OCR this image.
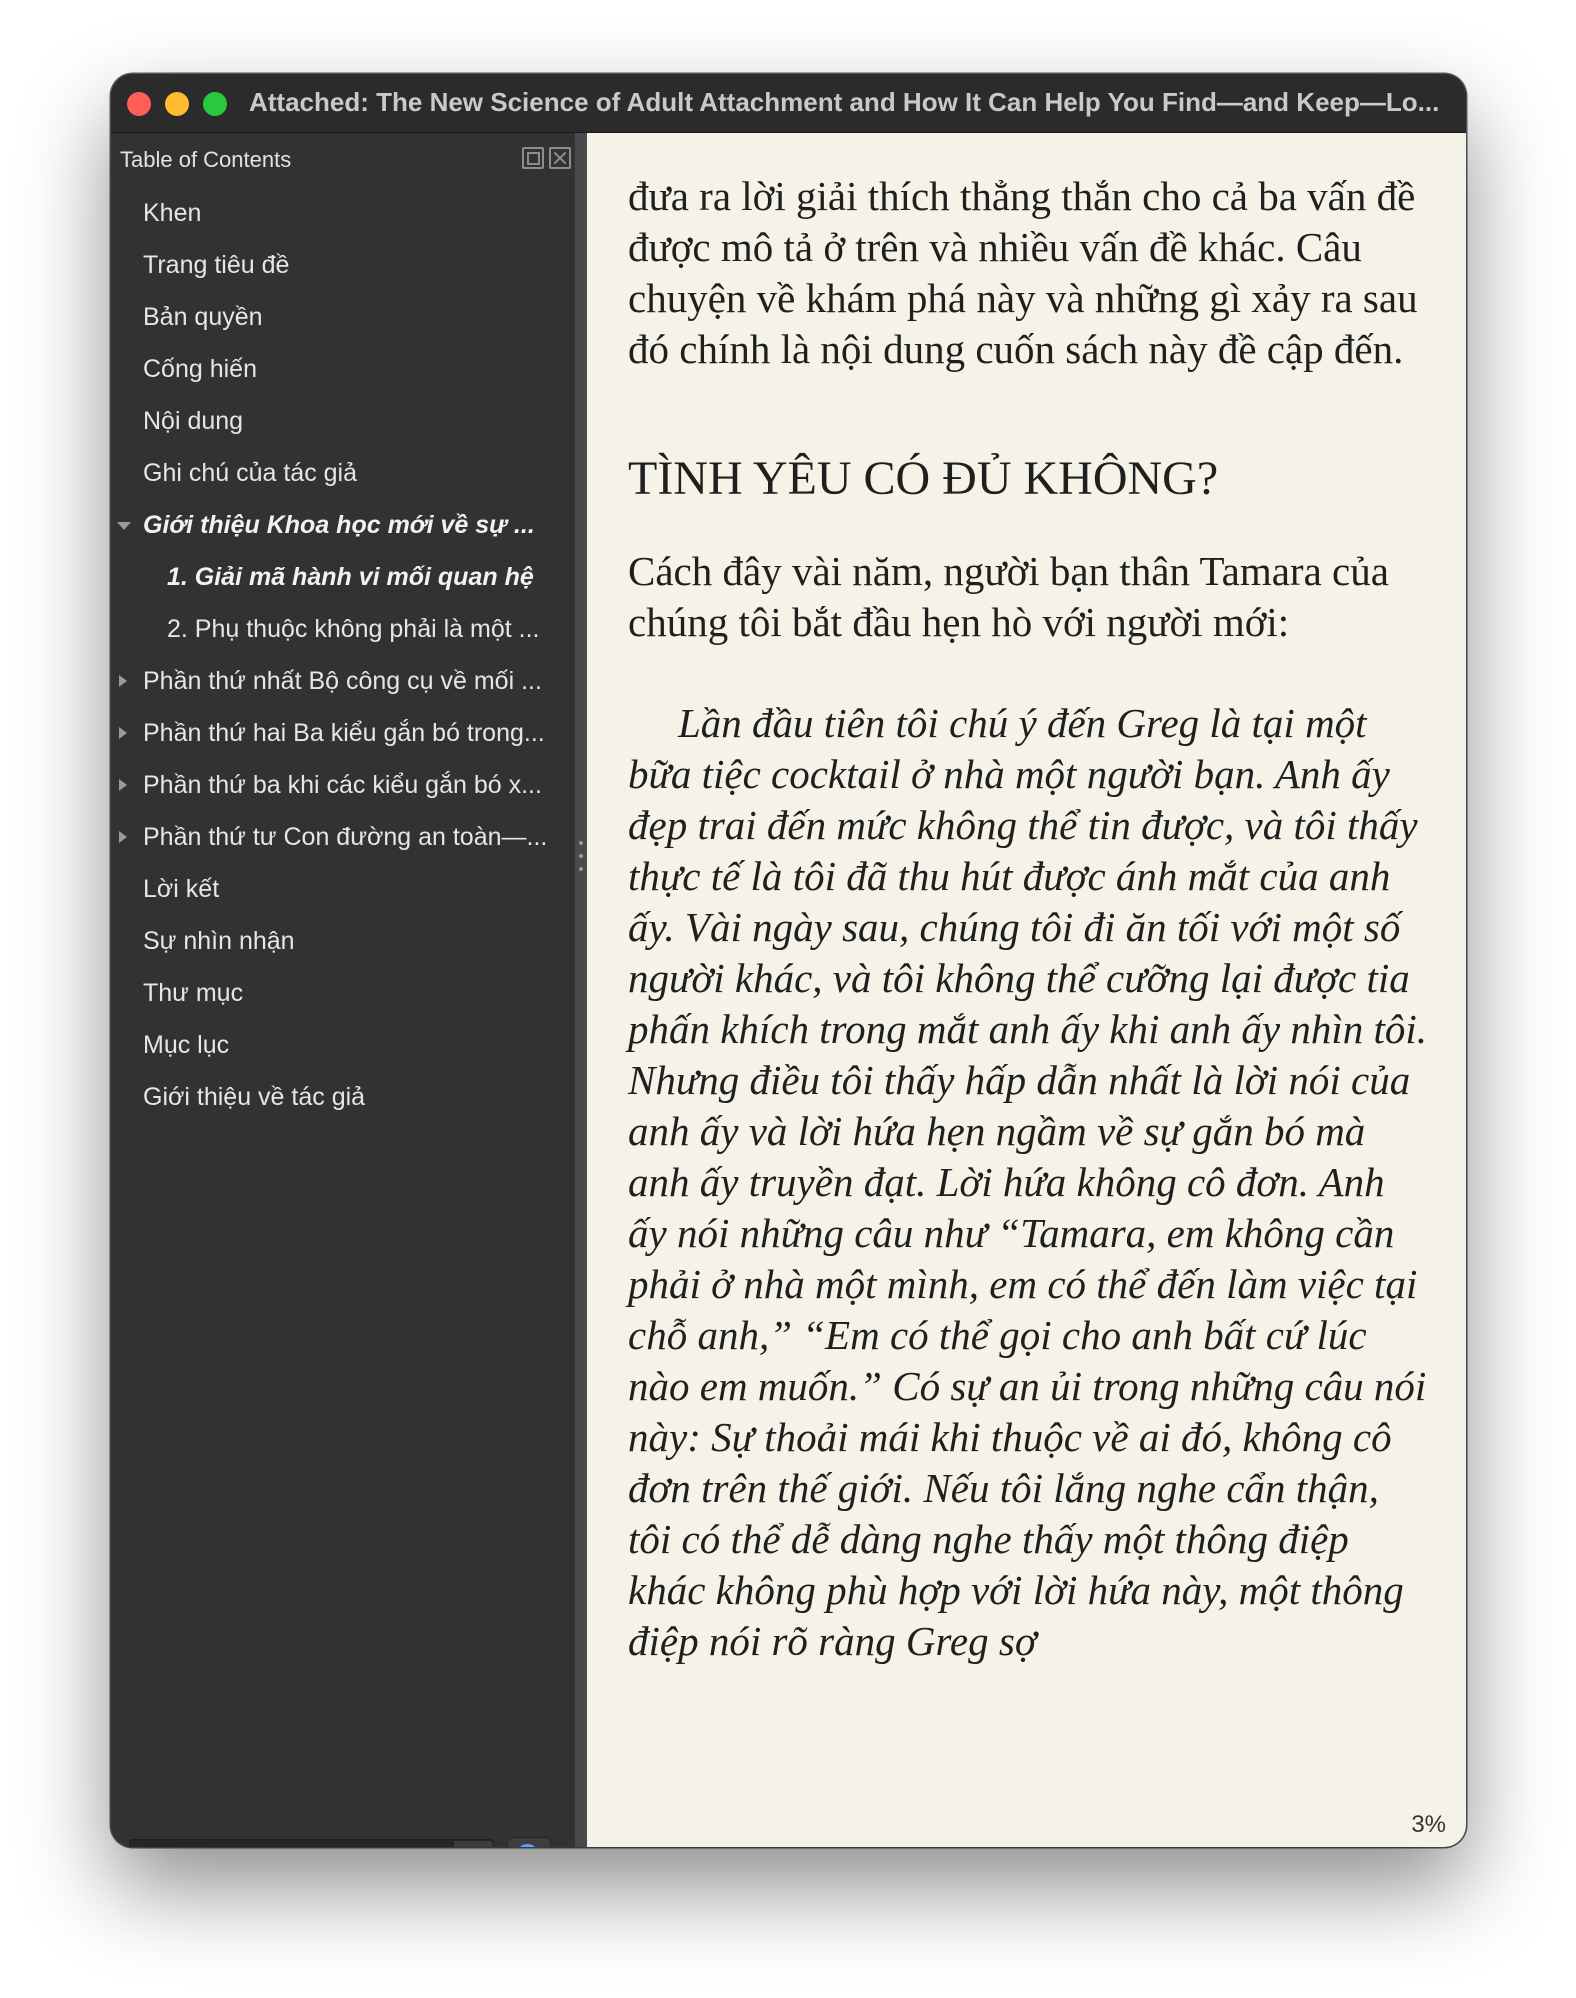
Attached: The New Science of Adult Attachment and How It Can Help You Find—and Keep—Lo...
Table of Contents
Khen
Trang tiêu đề
Bản quyền
Cống hiến
Nội dung
Ghi chú của tác giả
Giới thiệu Khoa học mới về sự ...
1. Giải mã hành vi mối quan hệ
2. Phụ thuộc không phải là một ...
Phần thứ nhất Bộ công cụ về mối ...
Phần thứ hai Ba kiểu gắn bó trong...
Phần thứ ba khi các kiểu gắn bó x...
Phần thứ tư Con đường an toàn—...
Lời kết
Sự nhìn nhận
Thư mục
Mục lục
Giới thiệu về tác giả
Search Table of Contents

đưa ra lời giải thích thẳng thắn cho cả ba vấn đề được mô tả ở trên và nhiều vấn đề khác. Câu chuyện về khám phá này và những gì xảy ra sau đó chính là nội dung cuốn sách này đề cập đến.

TÌNH YÊU CÓ ĐỦ KHÔNG?

Cách đây vài năm, người bạn thân Tamara của chúng tôi bắt đầu hẹn hò với người mới:

Lần đầu tiên tôi chú ý đến Greg là tại một bữa tiệc cocktail ở nhà một người bạn. Anh ấy đẹp trai đến mức không thể tin được, và tôi thấy thực tế là tôi đã thu hút được ánh mắt của anh ấy. Vài ngày sau, chúng tôi đi ăn tối với một số người khác, và tôi không thể cưỡng lại được tia phấn khích trong mắt anh ấy khi anh ấy nhìn tôi. Nhưng điều tôi thấy hấp dẫn nhất là lời nói của anh ấy và lời hứa hẹn ngầm về sự gắn bó mà anh ấy truyền đạt. Lời hứa không cô đơn. Anh ấy nói những câu như “Tamara, em không cần phải ở nhà một mình, em có thể đến làm việc tại chỗ anh,” “Em có thể gọi cho anh bất cứ lúc nào em muốn.” Có sự an ủi trong những câu nói này: Sự thoải mái khi thuộc về ai đó, không cô đơn trên thế giới. Nếu tôi lắng nghe cẩn thận, tôi có thể dễ dàng nghe thấy một thông điệp khác không phù hợp với lời hứa này, một thông điệp nói rõ ràng Greg sợ

3%
